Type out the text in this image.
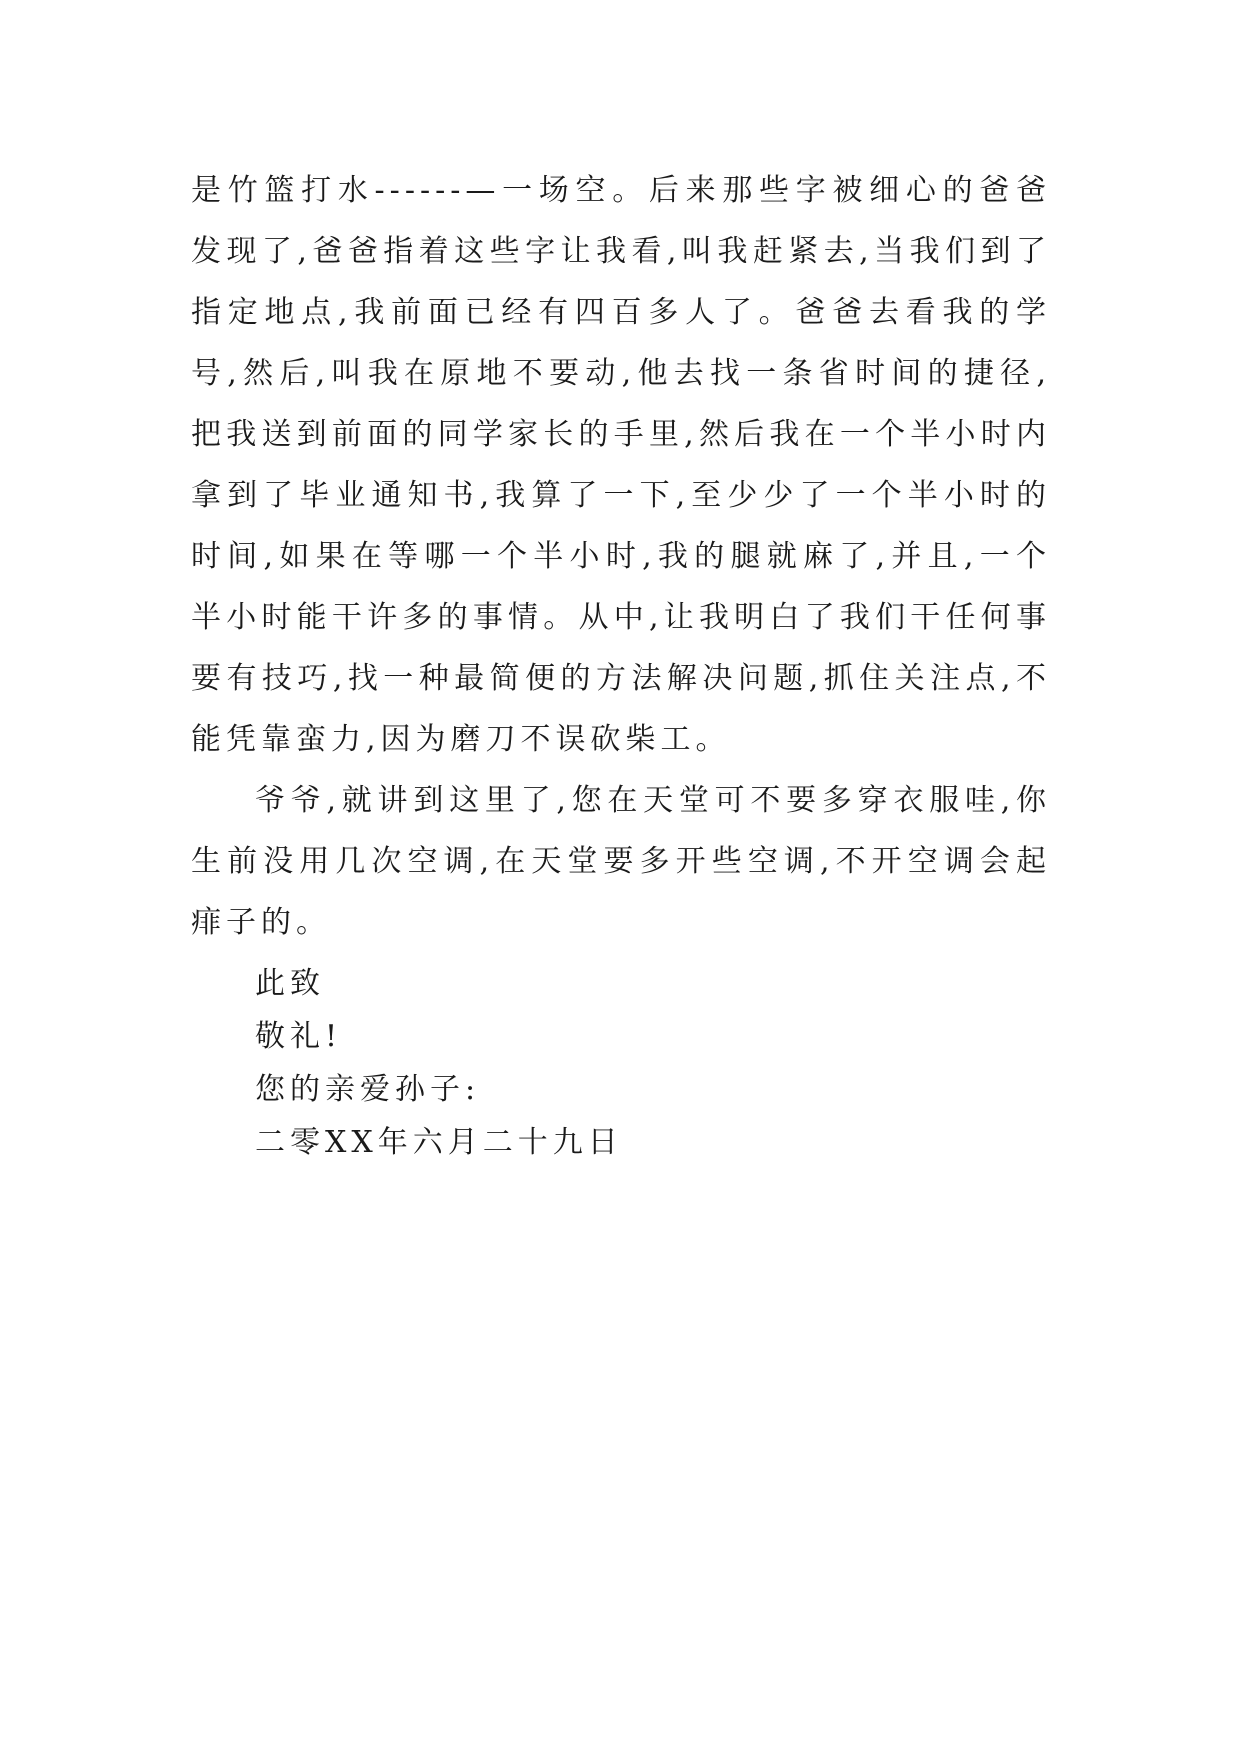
是竹篮打水------—一场空。后来那些字被细心的爸爸发现了,爸爸指着这些字让我看,叫我赶紧去,当我们到了指定地点,我前面已经有四百多人了。爸爸去看我的学号,然后,叫我在原地不要动,他去找一条省时间的捷径,把我送到前面的同学家长的手里,然后我在一个半小时内拿到了毕业通知书,我算了一下,至少少了一个半小时的时间,如果在等哪一个半小时,我的腿就麻了,并且,一个半小时能干许多的事情。从中,让我明白了我们干任何事要有技巧,找一种最简便的方法解决问题,抓住关注点,不能凭靠蛮力,因为磨刀不误砍柴工。

爷爷,就讲到这里了,您在天堂可不要多穿衣服哇,你生前没用几次空调,在天堂要多开些空调,不开空调会起痱子的。

此致

敬礼!

您的亲爱孙子:

二零XX年六月二十九日
